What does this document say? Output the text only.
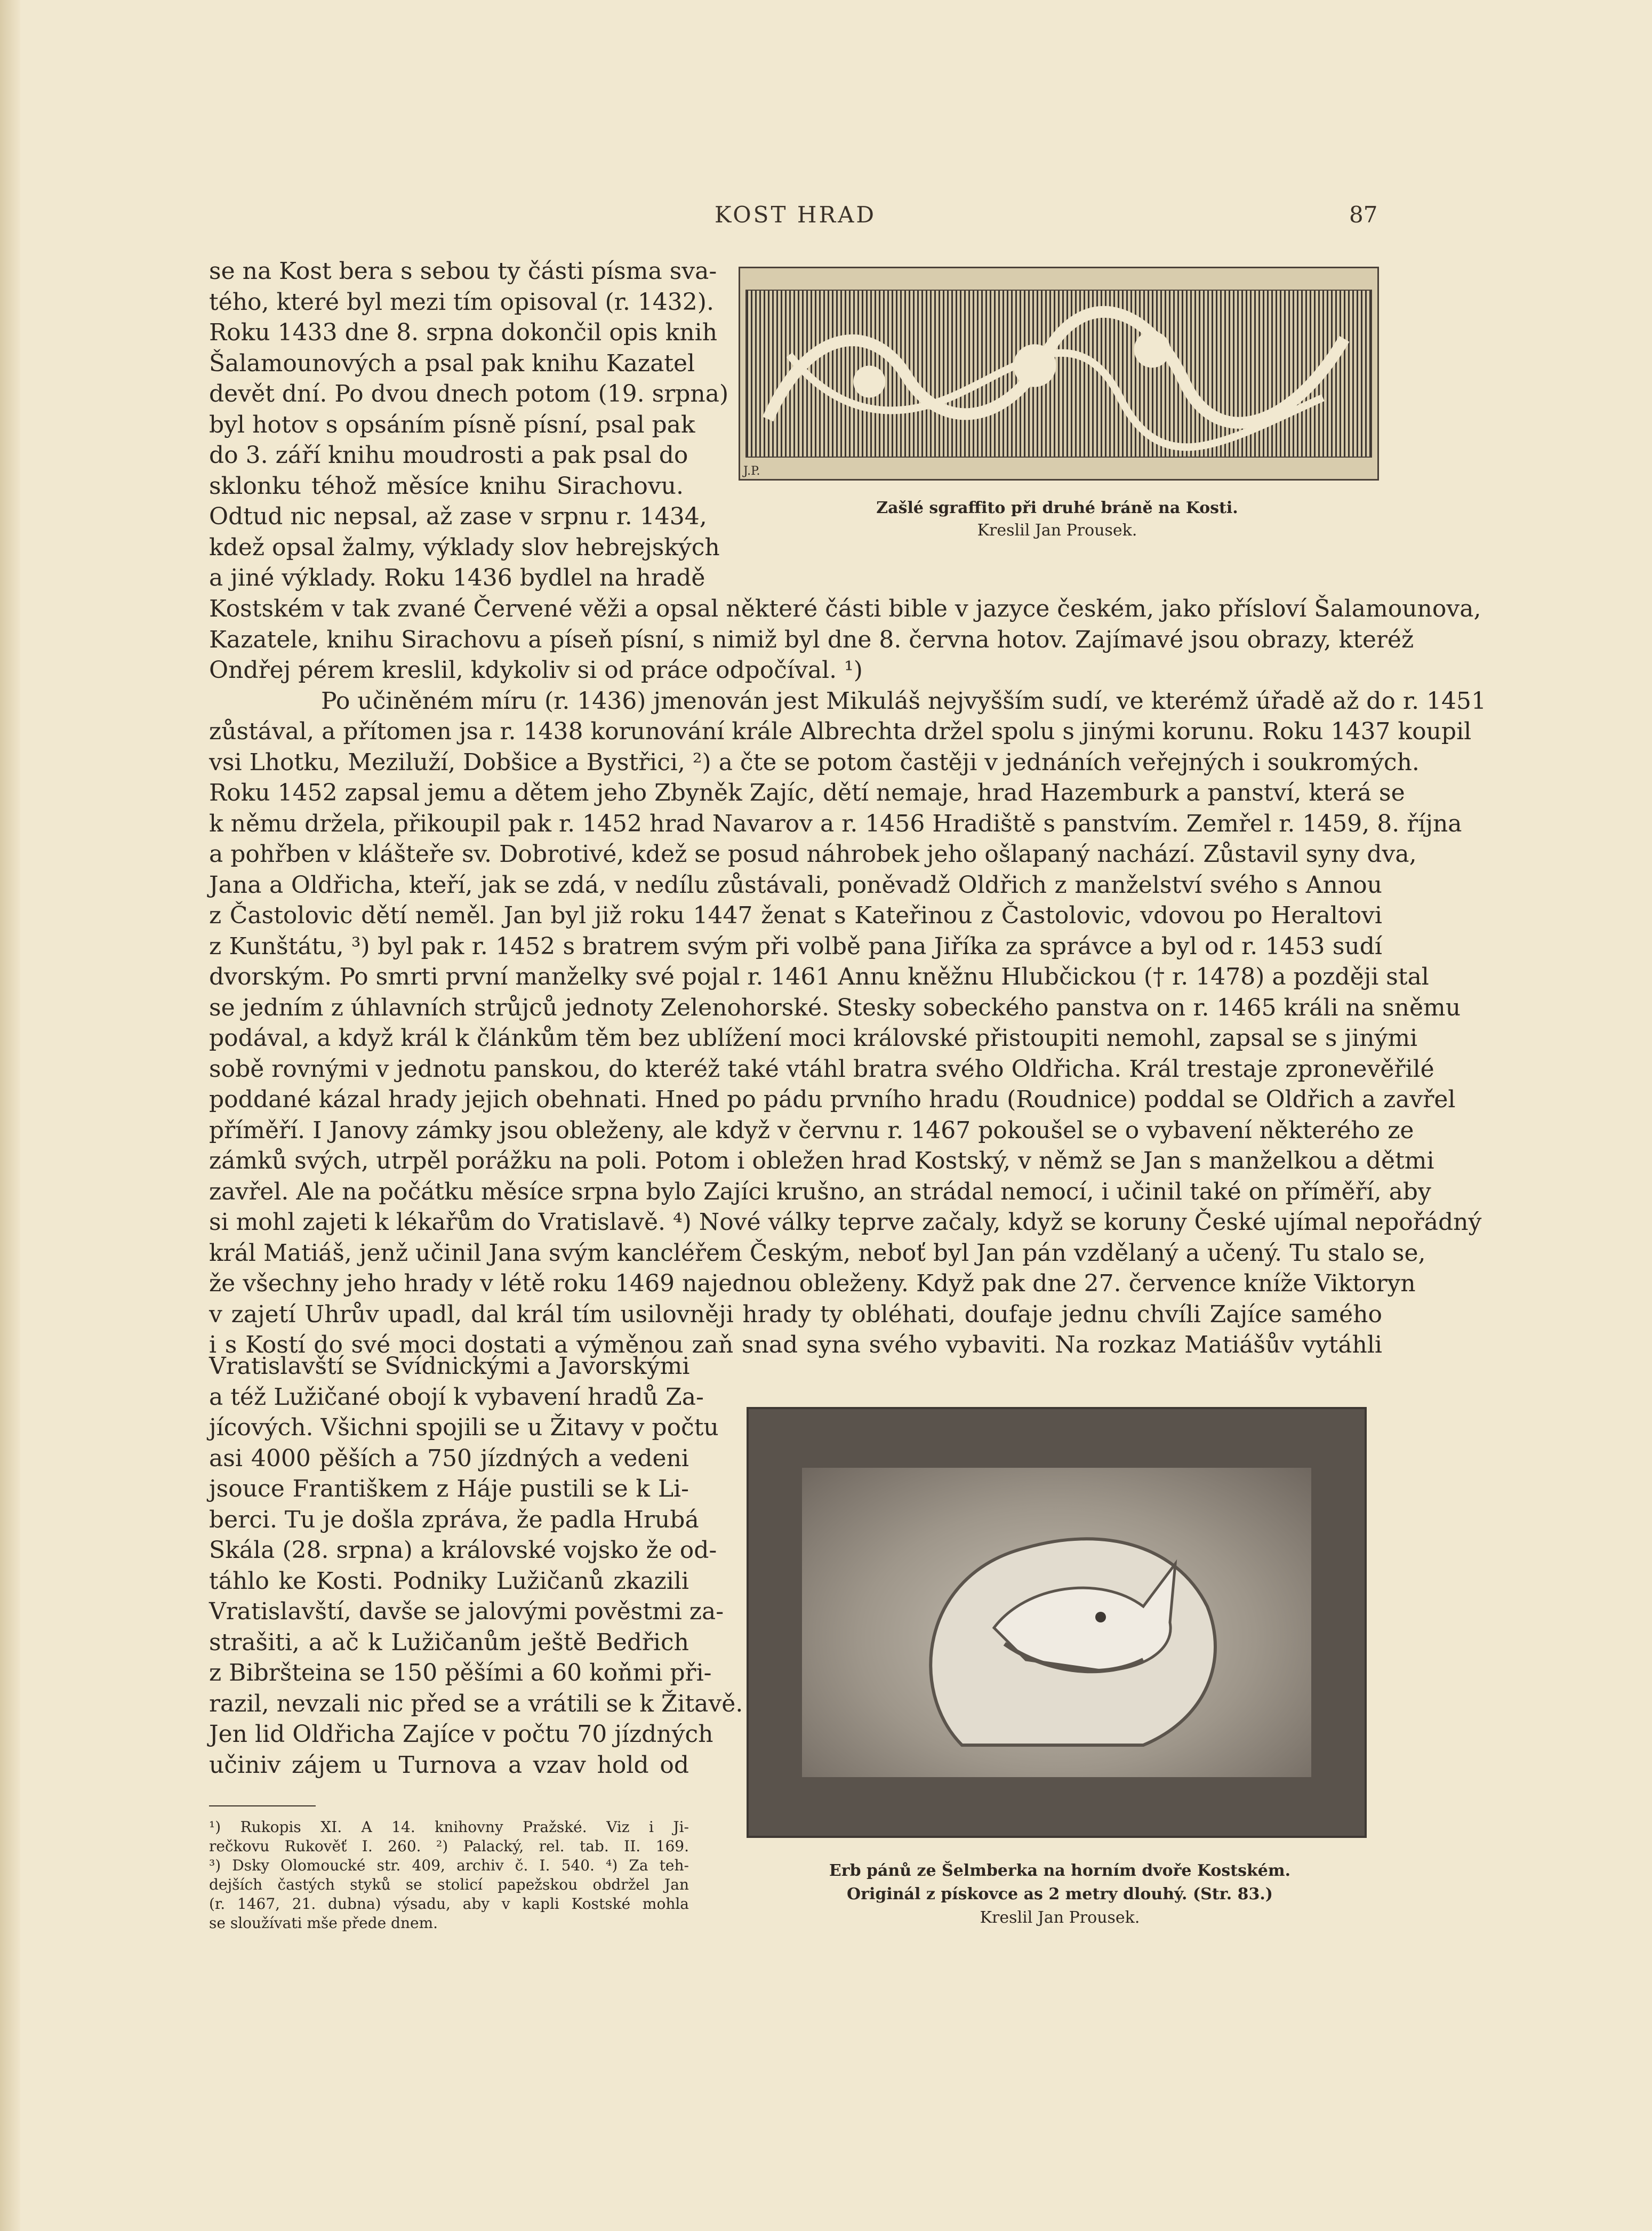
KOST HRAD	87
se na Kost bera s sebou ty části písma sva-
tého, které byl mezi tím opisoval (r. 1432).
Roku 1433 dne 8. srpna dokončil opis knih
Šalamounových a psal pak knihu Kazatel
devět dní. Po dvou dnech potom (19. srpna)
byl hotov s opsáním písně písní, psal pak
do 3. září knihu moudrosti a pak psal do
sklonku téhož měsíce knihu Sirachovu.
Odtud nic nepsal, až zase v srpnu r. 1434,
kdež opsal žalmy, výklady slov hebrejských
a jiné výklady. Roku 1436 bydlel na hradě
J.P.
Zašlé sgraffito při druhé bráně na Kosti.
Kreslil Jan Prousek.
Kostském v tak zvané Červené věži a opsal některé části bible v jazyce českém, jako přísloví Šalamounova,
Kazatele, knihu Sirachovu a píseň písní, s nimiž byl dne 8. června hotov. Zajímavé jsou obrazy, kteréž
Ondřej pérem kreslil, kdykoliv si od práce odpočíval. ¹)
Po učiněném míru (r. 1436) jmenován jest Mikuláš nejvyšším sudí, ve kterémž úřadě až do r. 1451
zůstával, a přítomen jsa r. 1438 korunování krále Albrechta držel spolu s jinými korunu. Roku 1437 koupil
vsi Lhotku, Meziluží, Dobšice a Bystřici, ²) a čte se potom častěji v jednáních veřejných i soukromých.
Roku 1452 zapsal jemu a dětem jeho Zbyněk Zajíc, dětí nemaje, hrad Hazemburk a panství, která se
k němu držela, přikoupil pak r. 1452 hrad Navarov a r. 1456 Hradiště s panstvím. Zemřel r. 1459, 8. října
a pohřben v klášteře sv. Dobrotivé, kdež se posud náhrobek jeho ošlapaný nachází. Zůstavil syny dva,
Jana a Oldřicha, kteří, jak se zdá, v nedílu zůstávali, poněvadž Oldřich z manželství svého s Annou
z Častolovic dětí neměl. Jan byl již roku 1447 ženat s Kateřinou z Častolovic, vdovou po Heraltovi
z Kunštátu, ³) byl pak r. 1452 s bratrem svým při volbě pana Jiříka za správce a byl od r. 1453 sudí
dvorským. Po smrti první manželky své pojal r. 1461 Annu kněžnu Hlubčickou († r. 1478) a později stal
se jedním z úhlavních strůjců jednoty Zelenohorské. Stesky sobeckého panstva on r. 1465 králi na sněmu
podával, a když král k článkům těm bez ublížení moci královské přistoupiti nemohl, zapsal se s jinými
sobě rovnými v jednotu panskou, do kteréž také vtáhl bratra svého Oldřicha. Král trestaje zpronevěřilé
poddané kázal hrady jejich obehnati. Hned po pádu prvního hradu (Roudnice) poddal se Oldřich a zavřel
příměří. I Janovy zámky jsou obleženy, ale když v červnu r. 1467 pokoušel se o vybavení některého ze
zámků svých, utrpěl porážku na poli. Potom i obležen hrad Kostský, v němž se Jan s manželkou a dětmi
zavřel. Ale na počátku měsíce srpna bylo Zajíci krušno, an strádal nemocí, i učinil také on příměří, aby
si mohl zajeti k lékařům do Vratislavě. ⁴) Nové války teprve začaly, když se koruny České ujímal nepořádný
král Matiáš, jenž učinil Jana svým kancléřem Českým, neboť byl Jan pán vzdělaný a učený. Tu stalo se,
že všechny jeho hrady v létě roku 1469 najednou obleženy. Když pak dne 27. července kníže Viktoryn
v zajetí Uhrův upadl, dal král tím usilovněji hrady ty obléhati, doufaje jednu chvíli Zajíce samého
i s Kostí do své moci dostati a výměnou zaň snad syna svého vybaviti. Na rozkaz Matiášův vytáhli
Vratislavští se Svídnickými a Javorskými
a též Lužičané obojí k vybavení hradů Za-
jícových. Všichni spojili se u Žitavy v počtu
asi 4000 pěších a 750 jízdných a vedeni
jsouce Františkem z Háje pustili se k Li-
berci. Tu je došla zpráva, že padla Hrubá
Skála (28. srpna) a královské vojsko že od-
táhlo ke Kosti. Podniky Lužičanů zkazili
Vratislavští, davše se jalovými pověstmi za-
strašiti, a ač k Lužičanům ještě Bedřich
z Bibršteina se 150 pěšími a 60 koňmi při-
razil, nevzali nic před se a vrátili se k Žitavě.
Jen lid Oldřicha Zajíce v počtu 70 jízdných
učiniv zájem u Turnova a vzav hold od
Erb pánů ze Šelmberka na horním dvoře Kostském.
Originál z pískovce as 2 metry dlouhý. (Str. 83.)
Kreslil Jan Prousek.
¹) Rukopis XI. A 14. knihovny Pražské. Viz i Ji-
rečkovu Rukověť I. 260. ²) Palacký, rel. tab. II. 169.
³) Dsky Olomoucké str. 409, archiv č. I. 540. ⁴) Za teh-
dejších častých styků se stolicí papežskou obdržel Jan
(r. 1467, 21. dubna) výsadu, aby v kapli Kostské mohla
se sloužívati mše přede dnem.
